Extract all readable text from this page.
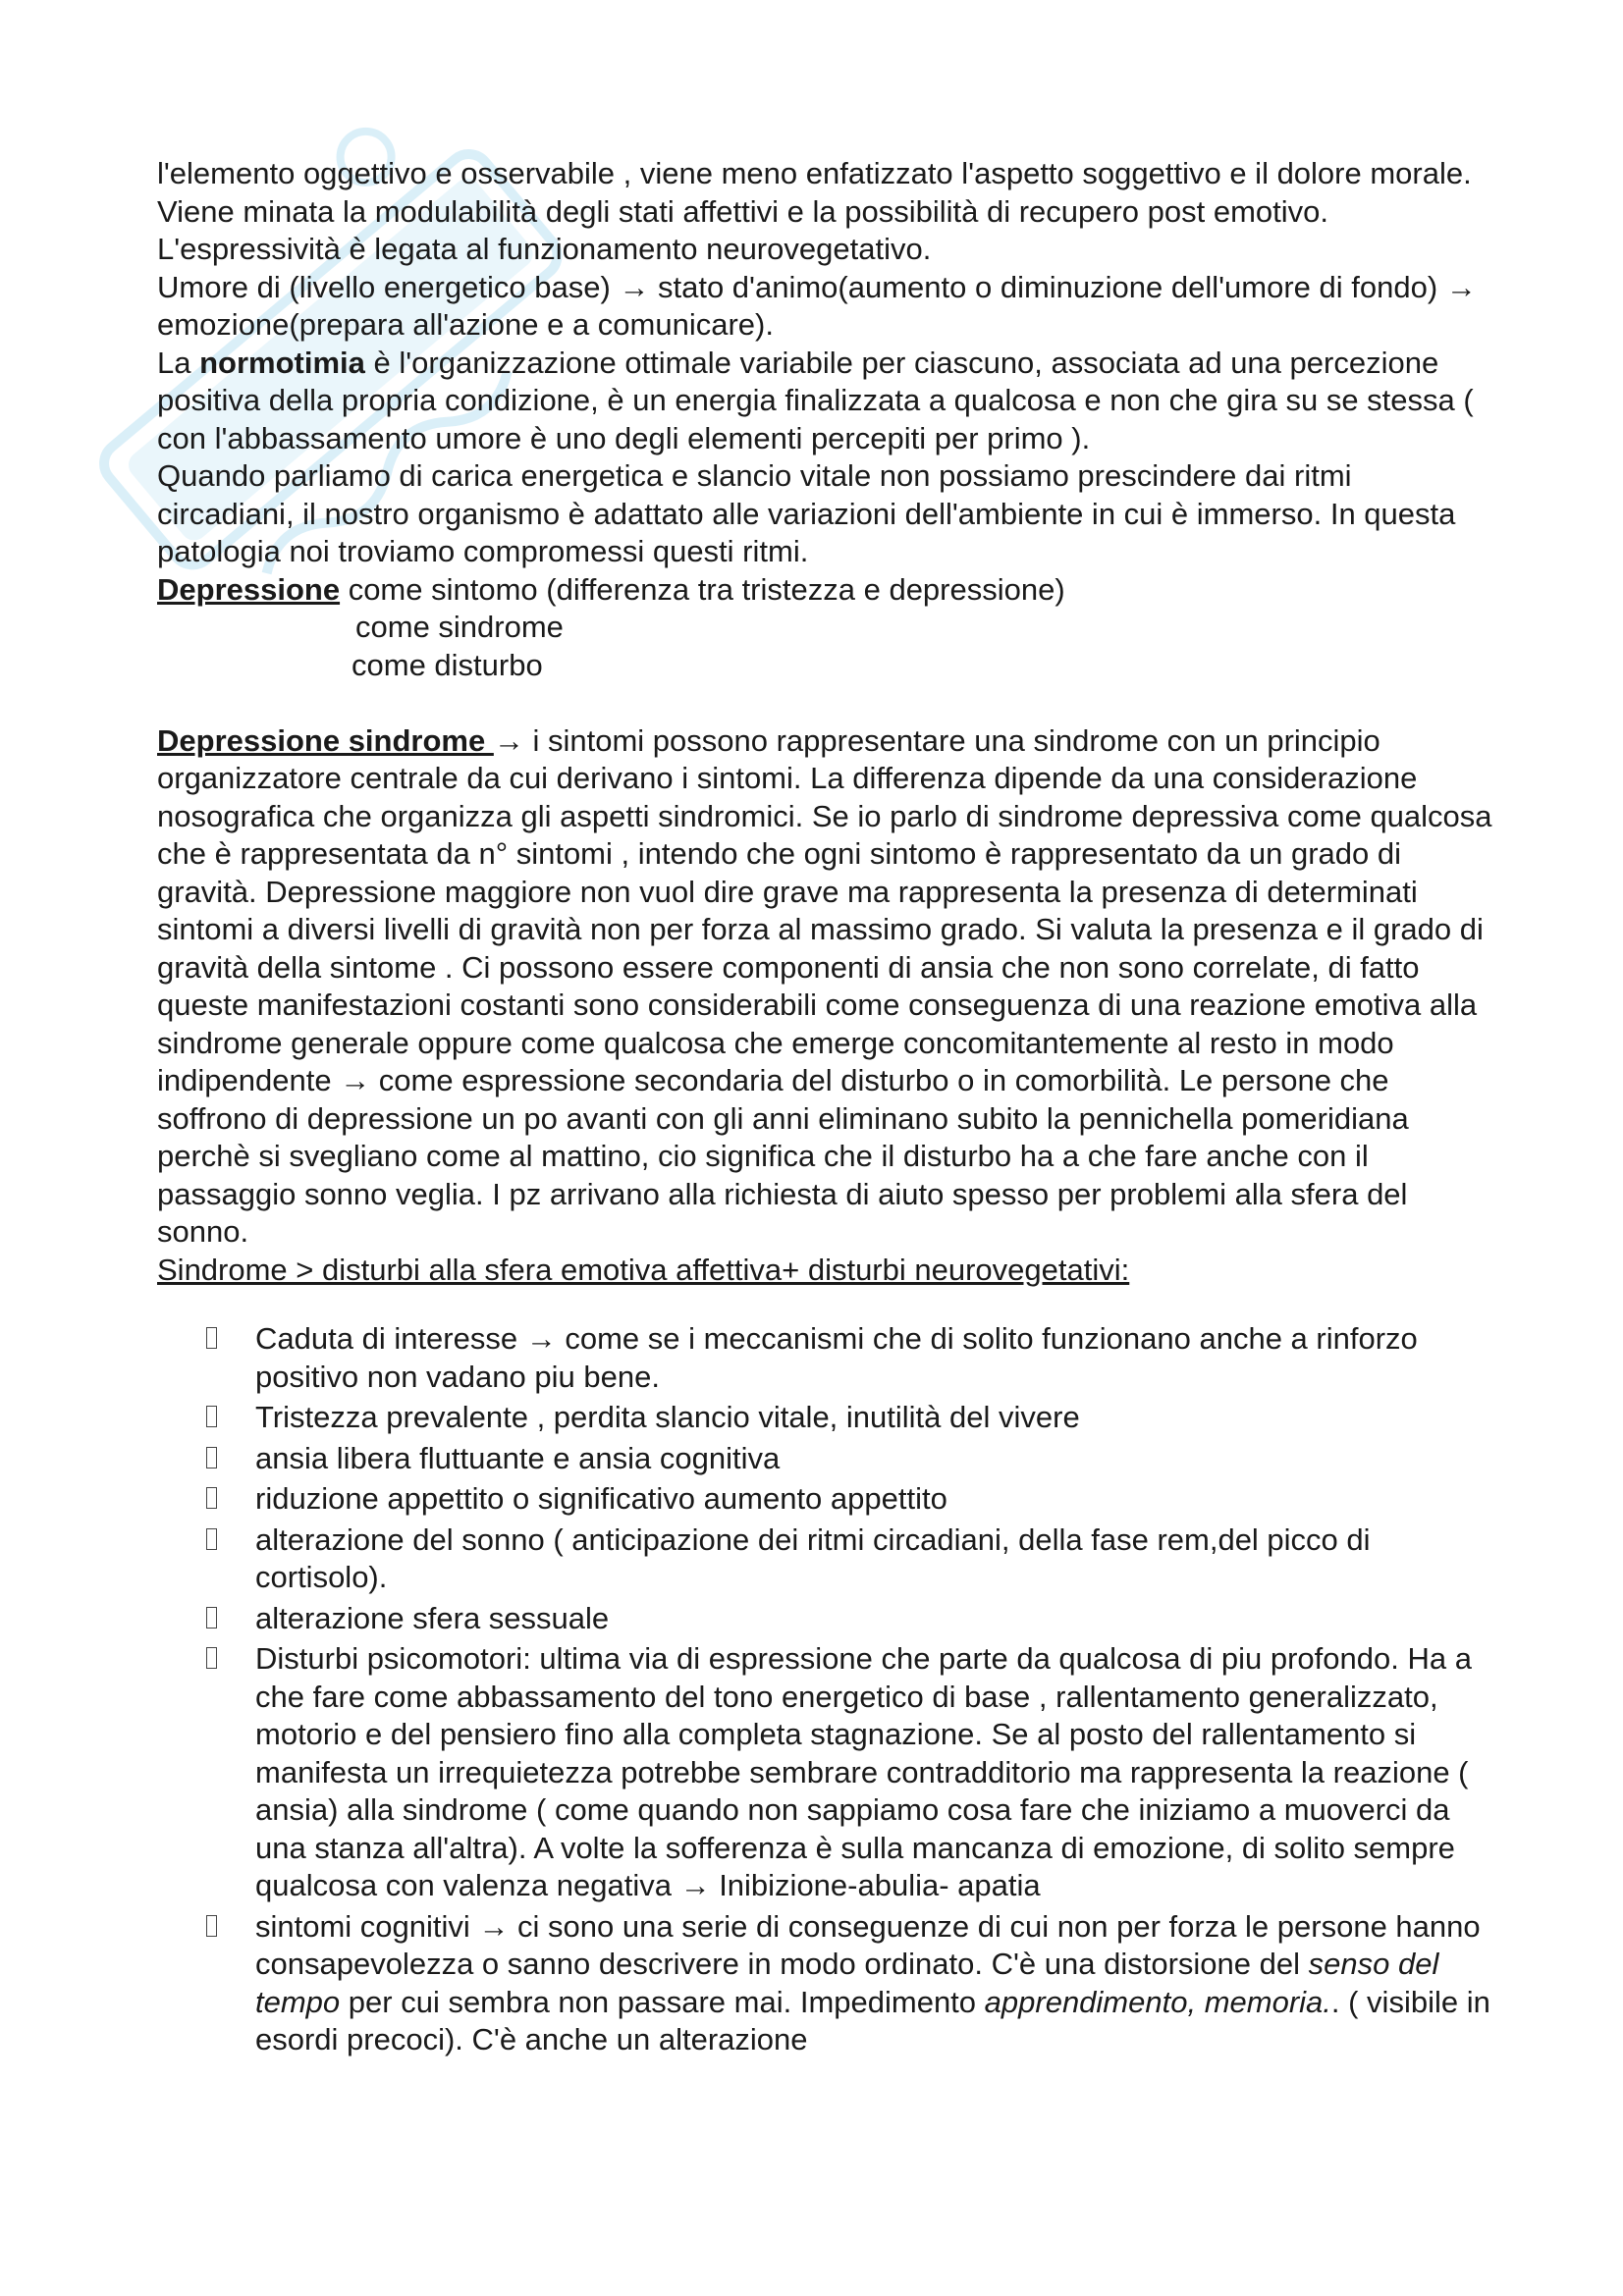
l'elemento oggettivo e osservabile , viene meno enfatizzato l'aspetto soggettivo e il dolore morale. Viene minata la modulabilità degli stati affettivi e la possibilità di recupero post emotivo. L'espressività è legata al funzionamento neurovegetativo.

Umore di (livello energetico base) → stato d'animo(aumento o diminuzione dell'umore di fondo) → emozione(prepara all'azione e a comunicare).

La normotimia è l'organizzazione ottimale variabile per ciascuno, associata ad una percezione positiva della propria condizione, è un energia finalizzata a qualcosa e non che gira su se stessa ( con l'abbassamento umore è uno degli elementi percepiti per primo ).

Quando parliamo di carica energetica e slancio vitale non possiamo prescindere dai ritmi circadiani, il nostro organismo è adattato alle variazioni dell'ambiente in cui è immerso. In questa patologia noi troviamo compromessi questi ritmi.

Depressione come sintomo (differenza tra tristezza e depressione)

come sindrome

come disturbo

Depressione sindrome → i sintomi possono rappresentare una sindrome con un principio organizzatore centrale da cui derivano i sintomi. La differenza dipende da una considerazione nosografica che organizza gli aspetti sindromici. Se io parlo di sindrome depressiva come qualcosa che è rappresentata da n° sintomi , intendo che ogni sintomo è rappresentato da un grado di gravità. Depressione maggiore non vuol dire grave ma rappresenta la presenza di determinati sintomi a diversi livelli di gravità non per forza al massimo grado. Si valuta la presenza e il grado di gravità della sintome . Ci possono essere componenti di ansia che non sono correlate, di fatto queste manifestazioni costanti sono considerabili come conseguenza di una reazione emotiva alla sindrome generale oppure come qualcosa che emerge concomitantemente al resto in modo indipendente → come espressione secondaria del disturbo o in comorbilità. Le persone che soffrono di depressione un po avanti con gli anni eliminano subito la pennichella pomeridiana perchè si svegliano come al mattino, cio significa che il disturbo ha a che fare anche con il passaggio sonno veglia. I pz arrivano alla richiesta di aiuto spesso per problemi alla sfera del sonno.

Sindrome > disturbi alla sfera emotiva affettiva+ disturbi neurovegetativi:

Caduta di interesse → come se i meccanismi che di solito funzionano anche a rinforzo positivo non vadano piu bene.
Tristezza prevalente , perdita slancio vitale, inutilità del vivere
ansia libera fluttuante e ansia cognitiva
riduzione appettito o significativo aumento appettito
alterazione del sonno ( anticipazione dei ritmi circadiani, della fase rem,del picco di cortisolo).
alterazione sfera sessuale
Disturbi psicomotori: ultima via di espressione che parte da qualcosa di piu profondo. Ha a che fare come abbassamento del tono energetico di base , rallentamento generalizzato, motorio e del pensiero fino alla completa stagnazione. Se al posto del rallentamento si manifesta un irrequietezza potrebbe sembrare contradditorio ma rappresenta la reazione ( ansia) alla sindrome ( come quando non sappiamo cosa fare che iniziamo a muoverci da una stanza all'altra). A volte la sofferenza è sulla mancanza di emozione, di solito sempre qualcosa con valenza negativa → Inibizione-abulia- apatia
sintomi cognitivi → ci sono una serie di conseguenze di cui non per forza le persone hanno consapevolezza o sanno descrivere in modo ordinato. C'è una distorsione del senso del tempo per cui sembra non passare mai. Impedimento apprendimento, memoria.. ( visibile in esordi precoci). C'è anche un alterazione
